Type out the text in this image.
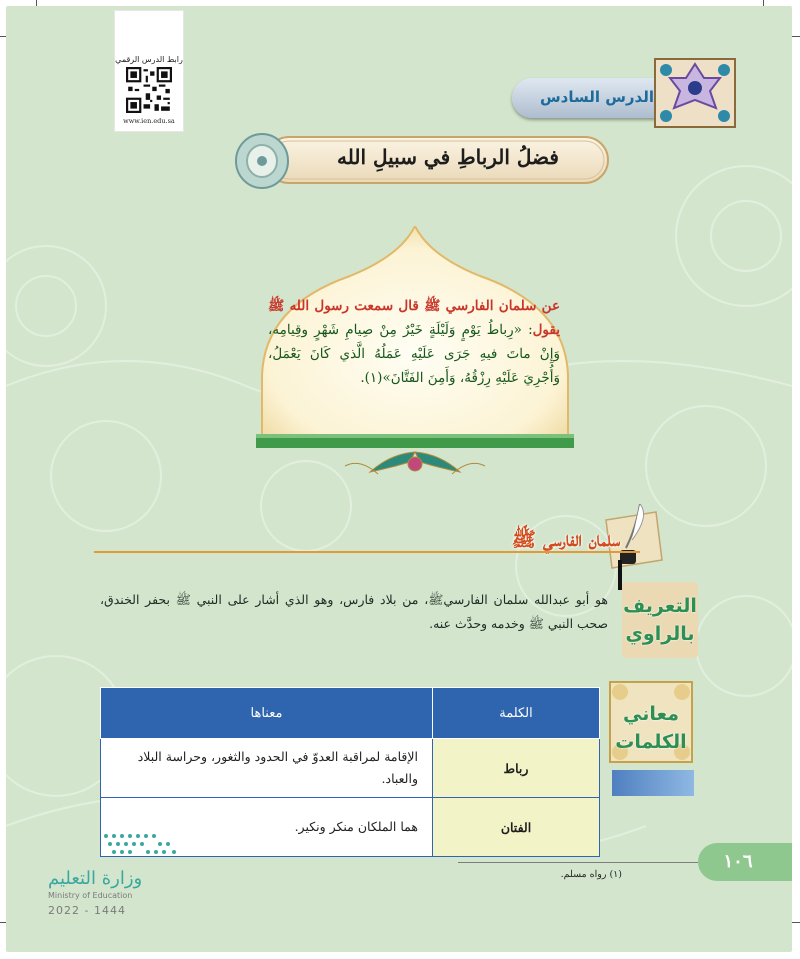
رابط الدرس الرقمي
www.ien.edu.sa
الدرس السادس
فضلُ الرباطِ في سبيلِ الله
عن سلمان الفارسي ﷺ قال سمعت رسول الله ﷺ يقول: «رِباطُ يَوْمٍ وَلَيْلَةٍ خَيْرٌ مِنْ صِيامِ شَهْرٍ وقِيامِه، وَإِنْ ماتَ فيهِ جَرَى عَلَيْهِ عَمَلُهُ الَّذي كَانَ يَعْمَلُ، وَأُجْرِيَ عَلَيْهِ رِزْقُهُ، وَأَمِنَ الفَتَّانَ»(١).
سلمان الفارسي ﷺ
التعريف
بالراوي
هو أبو عبدالله سلمان الفارسيﷺ، من بلاد فارس، وهو الذي أشار على النبي ﷺ بحفر الخندق، صحب النبي ﷺ وخدمه وحدَّث عنه.
معاني
الكلمات
الكلمة	معناها
رباط	الإقامة لمراقبة العدوّ في الحدود والثغور، وحراسة البلاد والعباد.
الفتان	هما الملكان منكر ونكير.
(١) رواه مسلم.
١٠٦
وزارة التعليم
Ministry of Education
2022 - 1444
